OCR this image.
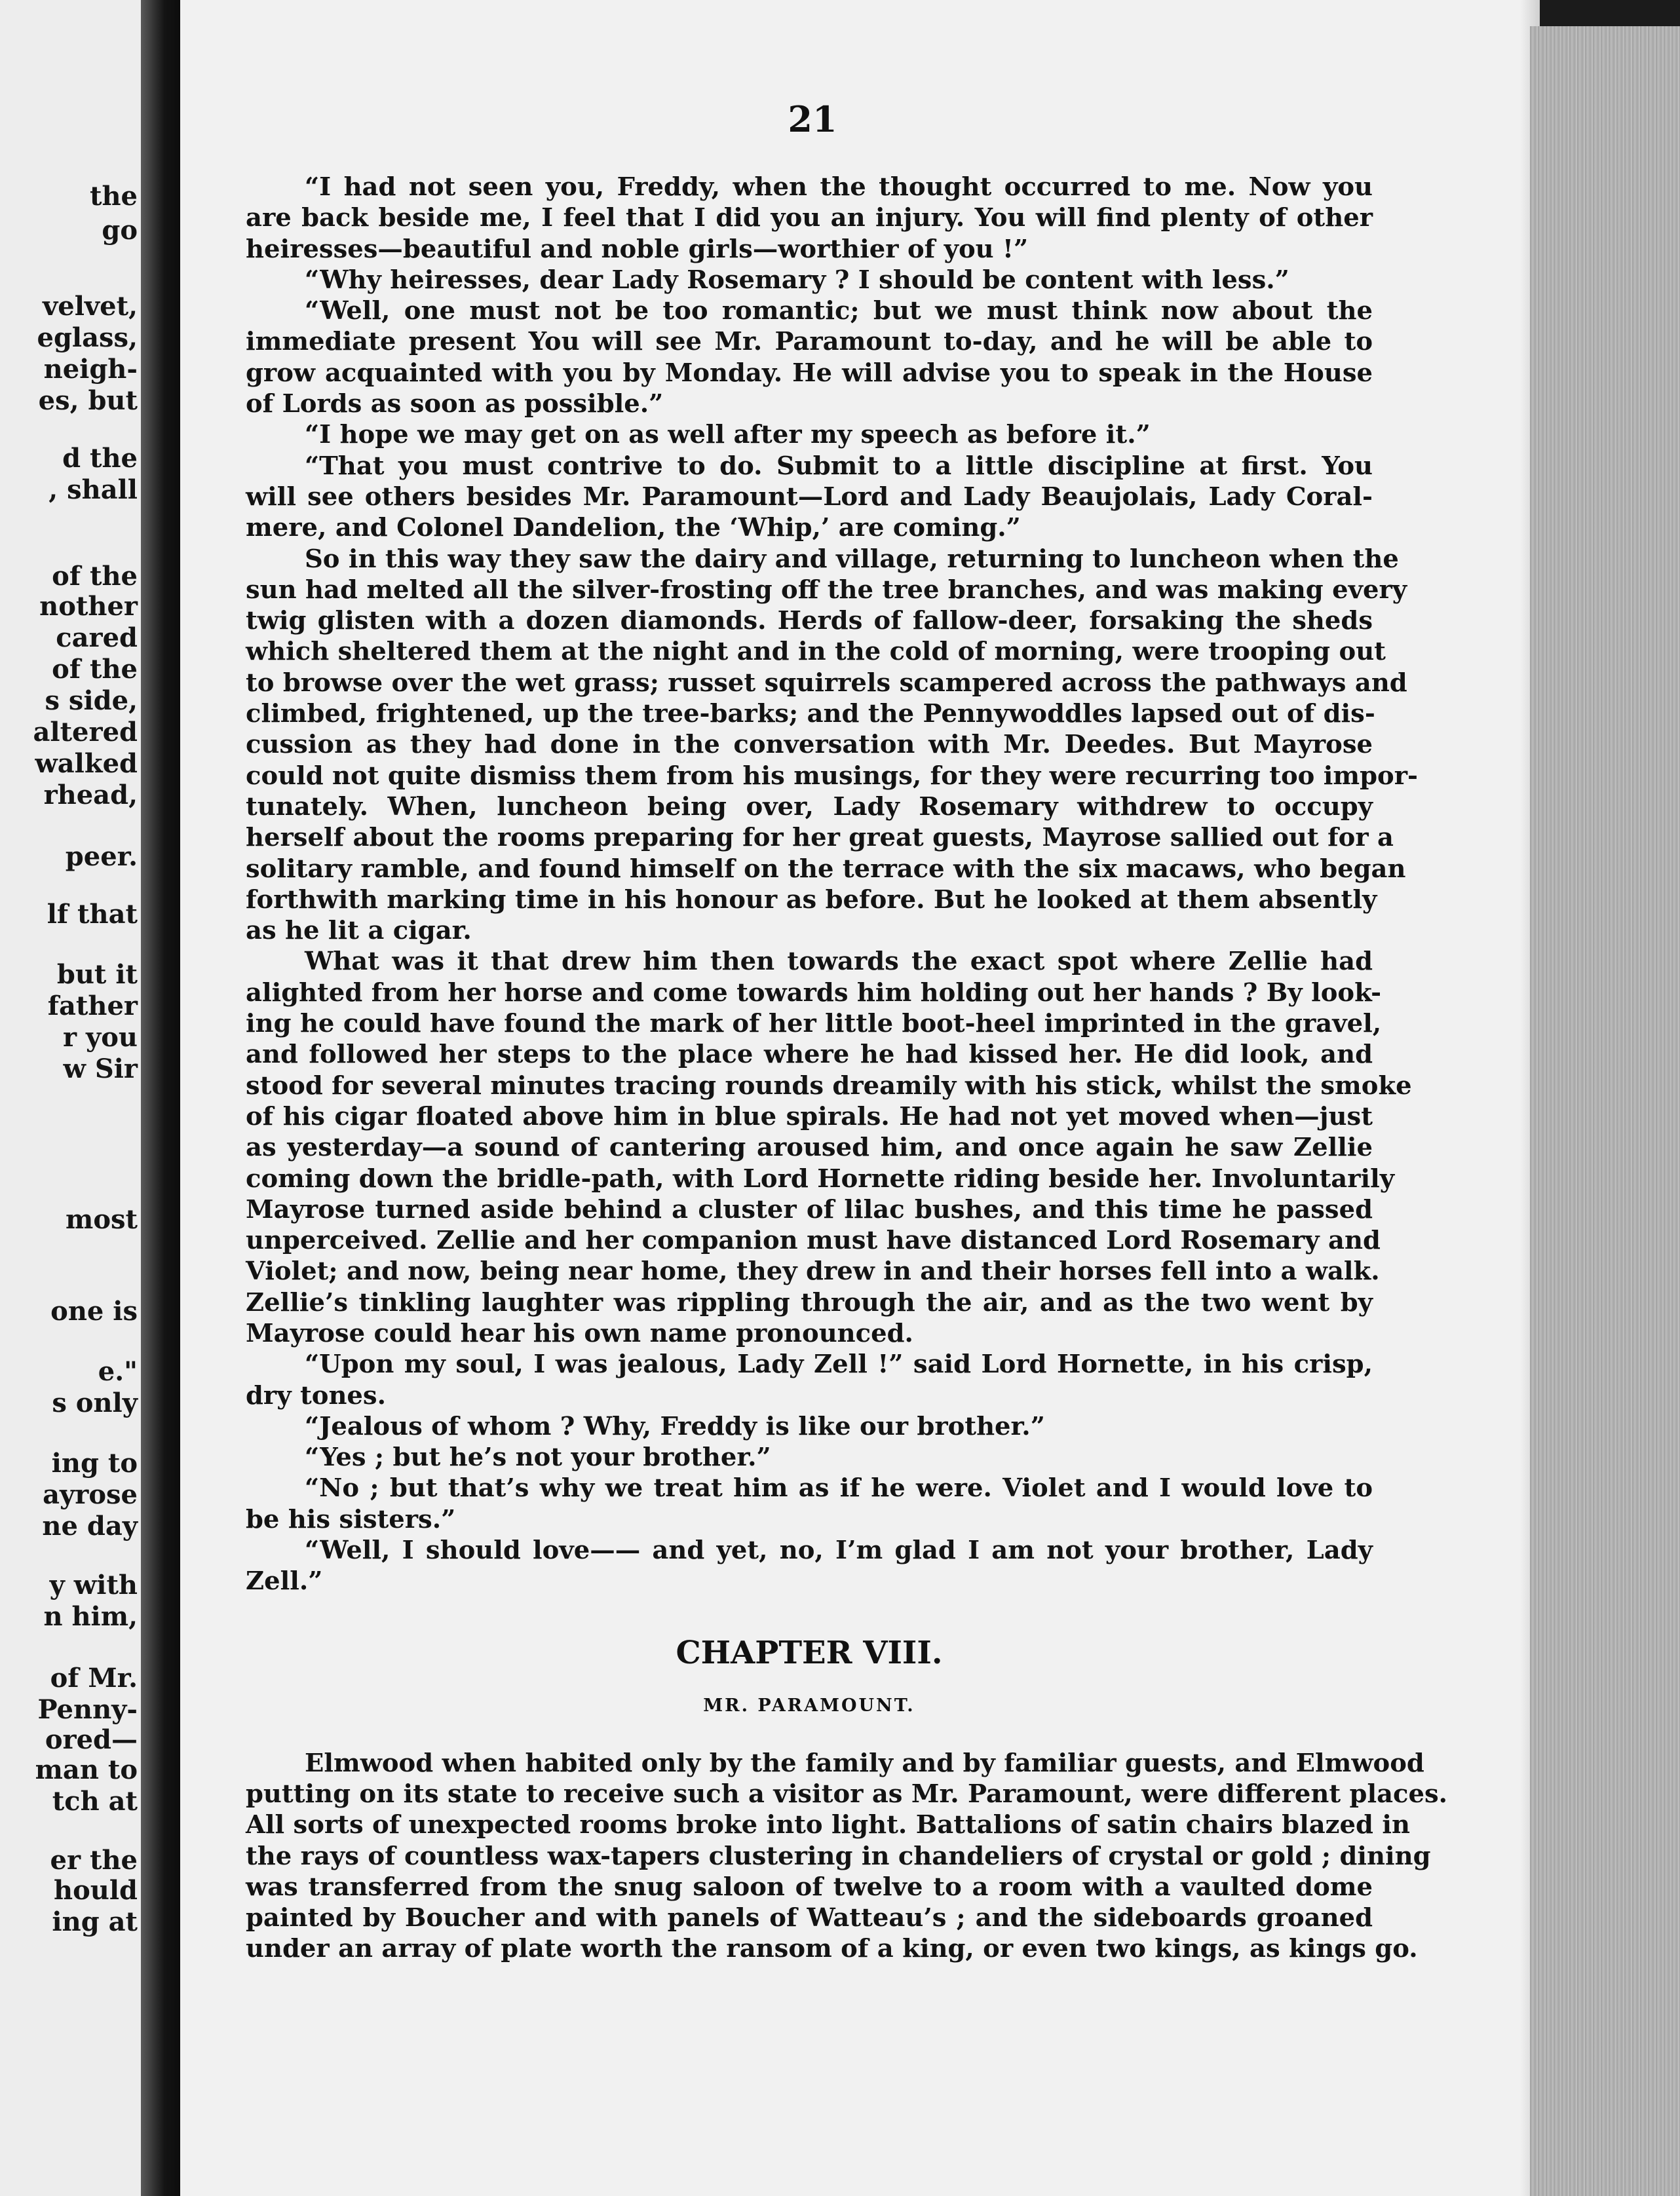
the
go
velvet,
eglass,
neigh-
es, but
d the
, shall
of the
nother
cared
of the
s side,
altered
walked
rhead,
peer.
lf that
but it
father
r you
w Sir
most
one is
e."
s only
ing to
ayrose
ne day
y with
n him,
of Mr.
Penny-
ored—
man to
tch at
er the
hould
ing at
21
“I had not seen you, Freddy, when the thought occurred to me. Now you
are back beside me, I feel that I did you an injury. You will find plenty of other
heiresses—beautiful and noble girls—worthier of you !”
“Why heiresses, dear Lady Rosemary ? I should be content with less.”
“Well, one must not be too romantic; but we must think now about the
immediate present You will see Mr. Paramount to-day, and he will be able to
grow acquainted with you by Monday. He will advise you to speak in the House
of Lords as soon as possible.”
“I hope we may get on as well after my speech as before it.”
“That you must contrive to do. Submit to a little discipline at first. You
will see others besides Mr. Paramount—Lord and Lady Beaujolais, Lady Coral-
mere, and Colonel Dandelion, the ‘Whip,’ are coming.”
So in this way they saw the dairy and village, returning to luncheon when the
sun had melted all the silver-frosting off the tree branches, and was making every
twig glisten with a dozen diamonds. Herds of fallow-deer, forsaking the sheds
which sheltered them at the night and in the cold of morning, were trooping out
to browse over the wet grass; russet squirrels scampered across the pathways and
climbed, frightened, up the tree-barks; and the Pennywoddles lapsed out of dis-
cussion as they had done in the conversation with Mr. Deedes. But Mayrose
could not quite dismiss them from his musings, for they were recurring too impor-
tunately. When, luncheon being over, Lady Rosemary withdrew to occupy
herself about the rooms preparing for her great guests, Mayrose sallied out for a
solitary ramble, and found himself on the terrace with the six macaws, who began
forthwith marking time in his honour as before. But he looked at them absently
as he lit a cigar.
What was it that drew him then towards the exact spot where Zellie had
alighted from her horse and come towards him holding out her hands ? By look-
ing he could have found the mark of her little boot-heel imprinted in the gravel,
and followed her steps to the place where he had kissed her. He did look, and
stood for several minutes tracing rounds dreamily with his stick, whilst the smoke
of his cigar floated above him in blue spirals. He had not yet moved when—just
as yesterday—a sound of cantering aroused him, and once again he saw Zellie
coming down the bridle-path, with Lord Hornette riding beside her. Involuntarily
Mayrose turned aside behind a cluster of lilac bushes, and this time he passed
unperceived. Zellie and her companion must have distanced Lord Rosemary and
Violet; and now, being near home, they drew in and their horses fell into a walk.
Zellie’s tinkling laughter was rippling through the air, and as the two went by
Mayrose could hear his own name pronounced.
“Upon my soul, I was jealous, Lady Zell !” said Lord Hornette, in his crisp,
dry tones.
“Jealous of whom ? Why, Freddy is like our brother.”
“Yes ; but he’s not your brother.”
“No ; but that’s why we treat him as if he were. Violet and I would love to
be his sisters.”
“Well, I should love—— and yet, no, I’m glad I am not your brother, Lady
Zell.”
CHAPTER VIII.
MR. PARAMOUNT.
Elmwood when habited only by the family and by familiar guests, and Elmwood
putting on its state to receive such a visitor as Mr. Paramount, were different places.
All sorts of unexpected rooms broke into light. Battalions of satin chairs blazed in
the rays of countless wax-tapers clustering in chandeliers of crystal or gold ; dining
was transferred from the snug saloon of twelve to a room with a vaulted dome
painted by Boucher and with panels of Watteau’s ; and the sideboards groaned
under an array of plate worth the ransom of a king, or even two kings, as kings go.
